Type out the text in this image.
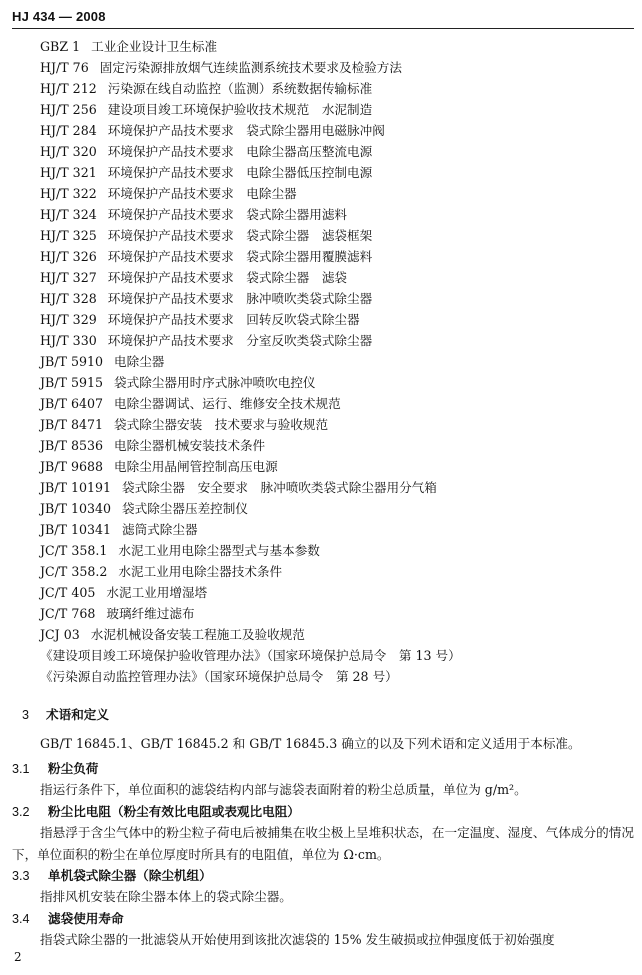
HJ 434 — 2008
GBZ 1 工业企业设计卫生标准
HJ/T 76 固定污染源排放烟气连续监测系统技术要求及检验方法
HJ/T 212 污染源在线自动监控（监测）系统数据传输标准
HJ/T 256 建设项目竣工环境保护验收技术规范　水泥制造
HJ/T 284 环境保护产品技术要求　袋式除尘器用电磁脉冲阀
HJ/T 320 环境保护产品技术要求　电除尘器高压整流电源
HJ/T 321 环境保护产品技术要求　电除尘器低压控制电源
HJ/T 322 环境保护产品技术要求　电除尘器
HJ/T 324 环境保护产品技术要求　袋式除尘器用滤料
HJ/T 325 环境保护产品技术要求　袋式除尘器　滤袋框架
HJ/T 326 环境保护产品技术要求　袋式除尘器用覆膜滤料
HJ/T 327 环境保护产品技术要求　袋式除尘器　滤袋
HJ/T 328 环境保护产品技术要求　脉冲喷吹类袋式除尘器
HJ/T 329 环境保护产品技术要求　回转反吹袋式除尘器
HJ/T 330 环境保护产品技术要求　分室反吹类袋式除尘器
JB/T 5910 电除尘器
JB/T 5915 袋式除尘器用时序式脉冲喷吹电控仪
JB/T 6407 电除尘器调试、运行、维修安全技术规范
JB/T 8471 袋式除尘器安装　技术要求与验收规范
JB/T 8536 电除尘器机械安装技术条件
JB/T 9688 电除尘用晶闸管控制高压电源
JB/T 10191 袋式除尘器　安全要求　脉冲喷吹类袋式除尘器用分气箱
JB/T 10340 袋式除尘器压差控制仪
JB/T 10341 滤筒式除尘器
JC/T 358.1 水泥工业用电除尘器型式与基本参数
JC/T 358.2 水泥工业用电除尘器技术条件
JC/T 405 水泥工业用增湿塔
JC/T 768 玻璃纤维过滤布
JCJ 03 水泥机械设备安装工程施工及验收规范
《建设项目竣工环境保护验收管理办法》（国家环境保护总局令　第 13 号）
《污染源自动监控管理办法》（国家环境保护总局令　第 28 号）
3 术语和定义

GB/T 16845.1、GB/T 16845.2 和 GB/T 16845.3 确立的以及下列术语和定义适用于本标准。

3.1 粉尘负荷

指运行条件下，单位面积的滤袋结构内部与滤袋表面附着的粉尘总质量，单位为 g/m²。

3.2 粉尘比电阻（粉尘有效比电阻或表观比电阻）

指悬浮于含尘气体中的粉尘粒子荷电后被捕集在收尘极上呈堆积状态，在一定温度、湿度、气体成分的情况下，单位面积的粉尘在单位厚度时所具有的电阻值，单位为 Ω·cm。

3.3 单机袋式除尘器（除尘机组）

指排风机安装在除尘器本体上的袋式除尘器。

3.4 滤袋使用寿命

指袋式除尘器的一批滤袋从开始使用到该批次滤袋的 15% 发生破损或拉伸强度低于初始强度

2
